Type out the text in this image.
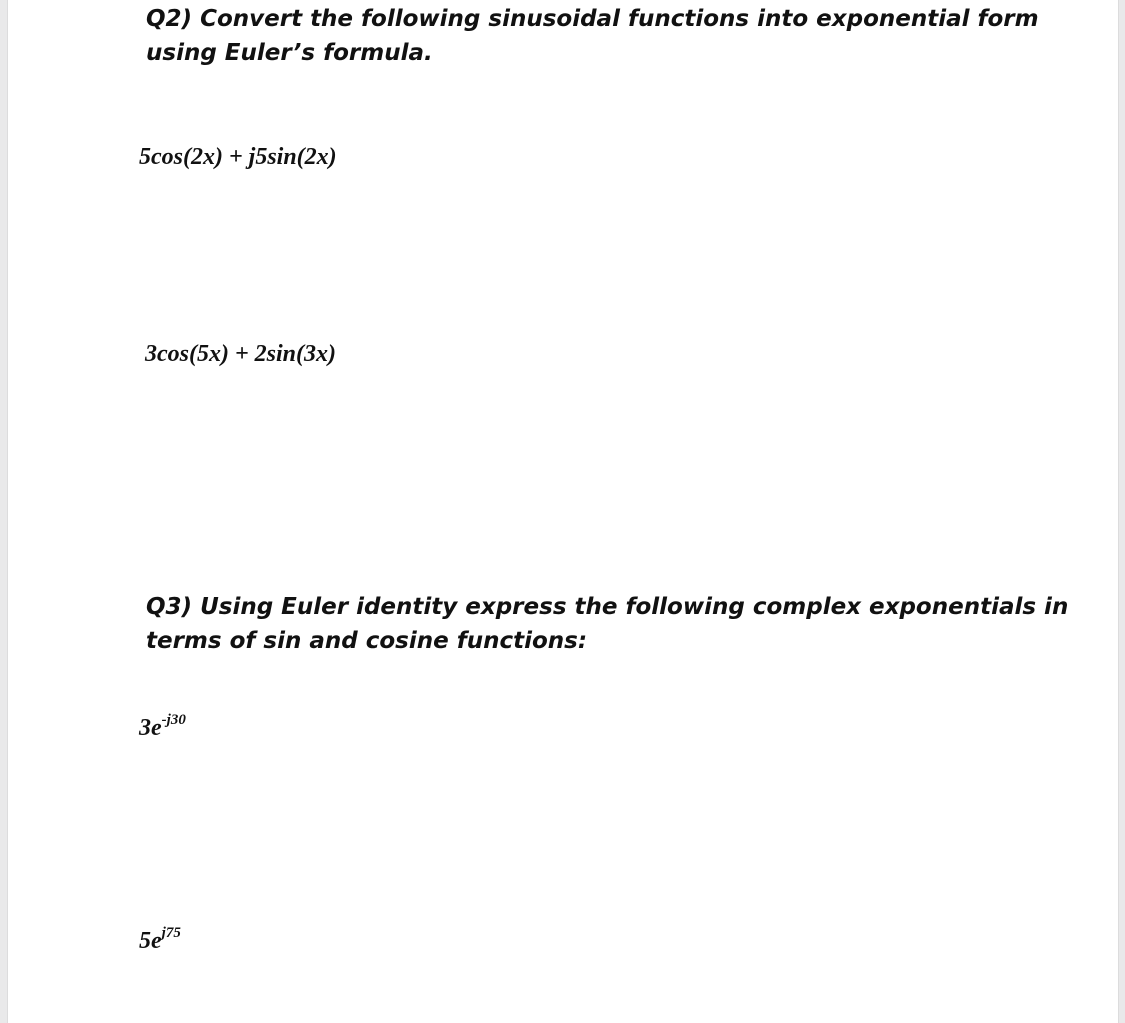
Q2) Convert the following sinusoidal functions into exponential form
using Euler’s formula.

5cos(2x) + j5sin(2x)

3cos(5x) + 2sin(3x)

Q3) Using Euler identity express the following complex exponentials in
terms of sin and cosine functions:

$3e^{-j30}$

$5e^{j75}$
